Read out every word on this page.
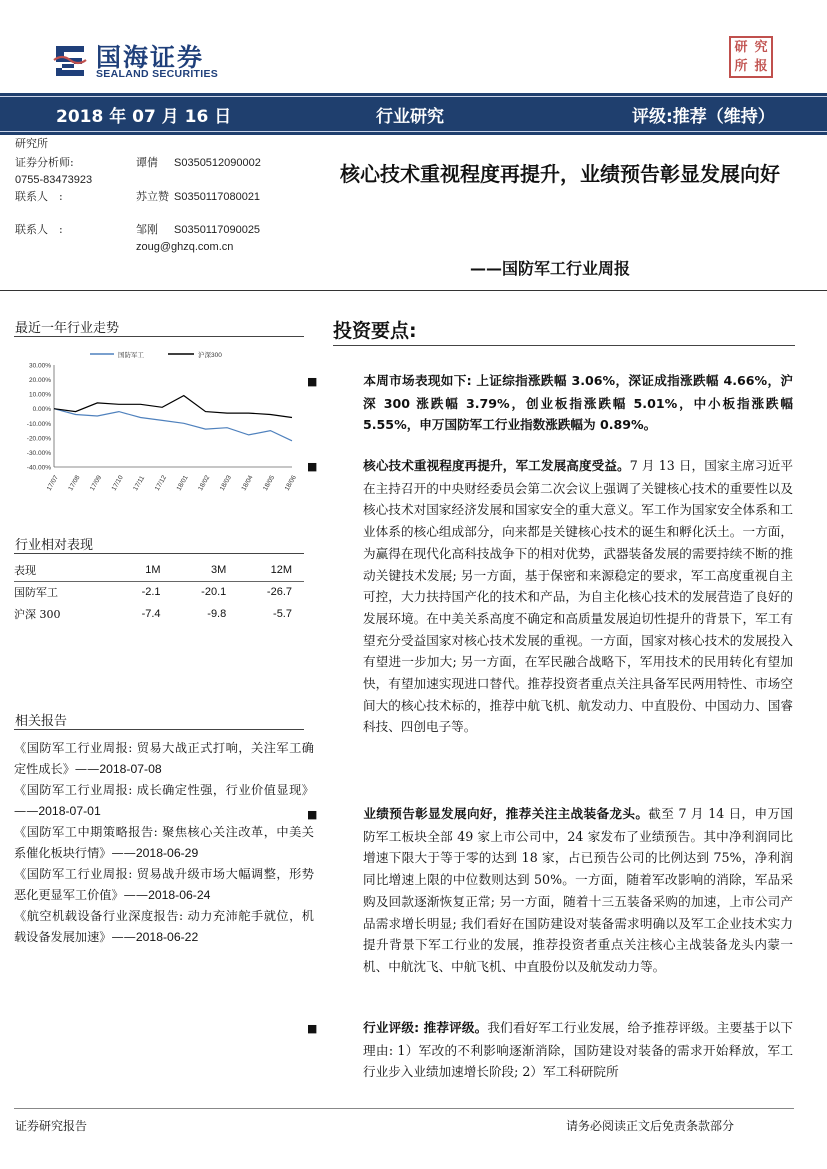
国海证券
SEALAND SECURITIES
研 究
所 报
2018 年 07 月 16 日	行业研究	评级:推荐（维持）
研究所
证券分析师:	谭倩 S0350512090002
0755-83473923
联系人　:	苏立赞 S0350117080021
联系人　:	邹刚 S0350117090025
zoug@ghzq.com.cn
核心技术重视程度再提升，业绩预告彰显发展向好
——国防军工行业周报
最近一年行业走势
国防军工	沪深300
30.00%
20.00%
10.00%
0.00%
-10.00%
-20.00%
-30.00%
-40.00%
17/07 17/08 17/09 17/10 17/11 17/12 18/01 18/02 18/03 18/04 18/05 18/06
行业相对表现
表现	1M	3M	12M
国防军工	-2.1	-20.1	-26.7
沪深 300	-7.4	-9.8	-5.7
相关报告
《国防军工行业周报: 贸易大战正式打响，关注军工确定性成长》——2018-07-08
《国防军工行业周报: 成长确定性强，行业价值显现》——2018-07-01
《国防军工中期策略报告: 聚焦核心关注改革，中美关系催化板块行情》——2018-06-29
《国防军工行业周报: 贸易战升级市场大幅调整，形势恶化更显军工价值》——2018-06-24
《航空机载设备行业深度报告: 动力充沛舵手就位，机载设备发展加速》——2018-06-22
投资要点:
■	本周市场表现如下: 上证综指涨跌幅 3.06%，深证成指涨跌幅 4.66%，沪深 300 涨跌幅 3.79%，创业板指涨跌幅 5.01%，中小板指涨跌幅 5.55%，申万国防军工行业指数涨跌幅为 0.89%。
■	核心技术重视程度再提升，军工发展高度受益。7 月 13 日，国家主席习近平在主持召开的中央财经委员会第二次会议上强调了关键核心技术的重要性以及核心技术对国家经济发展和国家安全的重大意义。军工作为国家安全体系和工业体系的核心组成部分，向来都是关键核心技术的诞生和孵化沃土。一方面，为赢得在现代化高科技战争下的相对优势，武器装备发展的需要持续不断的推动关键技术发展; 另一方面，基于保密和来源稳定的要求，军工高度重视自主可控，大力扶持国产化的技术和产品，为自主化核心技术的发展营造了良好的发展环境。在中美关系高度不确定和高质量发展迫切性提升的背景下，军工有望充分受益国家对核心技术发展的重视。一方面，国家对核心技术的发展投入有望进一步加大; 另一方面，在军民融合战略下，军用技术的民用转化有望加快，有望加速实现进口替代。推荐投资者重点关注具备军民两用特性、市场空间大的核心技术标的，推荐中航飞机、航发动力、中直股份、中国动力、国睿科技、四创电子等。
■	业绩预告彰显发展向好，推荐关注主战装备龙头。截至 7 月 14 日，申万国防军工板块全部 49 家上市公司中，24 家发布了业绩预告。其中净利润同比增速下限大于等于零的达到 18 家，占已预告公司的比例达到 75%，净利润同比增速上限的中位数则达到 50%。一方面，随着军改影响的消除，军品采购及回款逐渐恢复正常; 另一方面，随着十三五装备采购的加速，上市公司产品需求增长明显; 我们看好在国防建设对装备需求明确以及军工企业技术实力提升背景下军工行业的发展，推荐投资者重点关注核心主战装备龙头内蒙一机、中航沈飞、中航飞机、中直股份以及航发动力等。
■	行业评级: 推荐评级。我们看好军工行业发展，给予推荐评级。主要基于以下理由: 1）军改的不利影响逐渐消除，国防建设对装备的需求开始释放，军工行业步入业绩加速增长阶段; 2）军工科研院所
证券研究报告	请务必阅读正文后免责条款部分
